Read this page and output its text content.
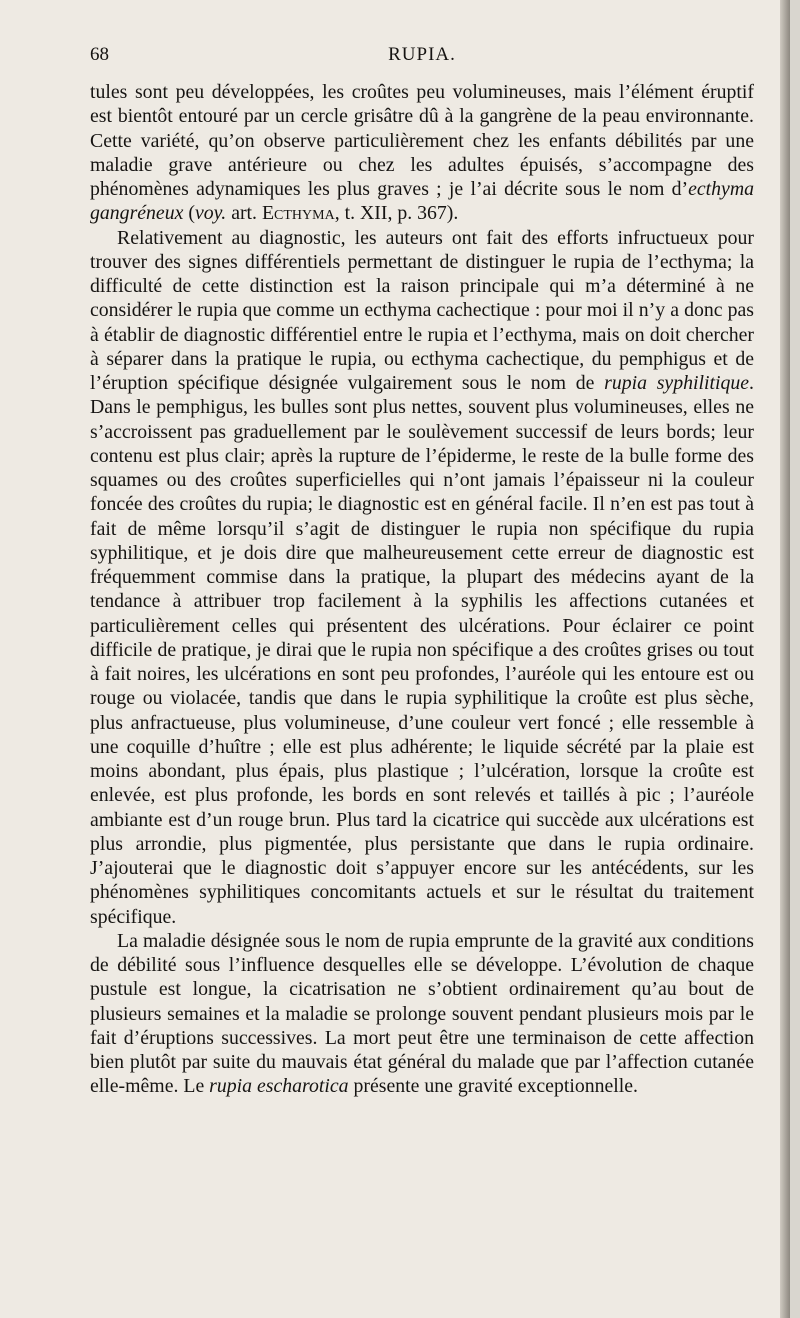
68	RUPIA.

tules sont peu développées, les croûtes peu volumineuses, mais l’élément éruptif est bientôt entouré par un cercle grisâtre dû à la gangrène de la peau environnante. Cette variété, qu’on observe particulièrement chez les enfants débilités par une maladie grave antérieure ou chez les adultes épuisés, s’accompagne des phénomènes adynamiques les plus graves ; je l’ai décrite sous le nom d’ecthyma gangréneux (voy. art. Ecthyma, t. XII, p. 367).

Relativement au diagnostic, les auteurs ont fait des efforts infructueux pour trouver des signes différentiels permettant de distinguer le rupia de l’ecthyma; la difficulté de cette distinction est la raison principale qui m’a déterminé à ne considérer le rupia que comme un ecthyma cachectique : pour moi il n’y a donc pas à établir de diagnostic différentiel entre le rupia et l’ecthyma, mais on doit chercher à séparer dans la pratique le rupia, ou ecthyma cachectique, du pemphigus et de l’éruption spécifique désignée vulgairement sous le nom de rupia syphilitique. Dans le pemphigus, les bulles sont plus nettes, souvent plus volumineuses, elles ne s’accroissent pas graduellement par le soulèvement successif de leurs bords; leur contenu est plus clair; après la rupture de l’épiderme, le reste de la bulle forme des squames ou des croûtes superficielles qui n’ont jamais l’épaisseur ni la couleur foncée des croûtes du rupia; le diagnostic est en général facile. Il n’en est pas tout à fait de même lorsqu’il s’agit de distinguer le rupia non spécifique du rupia syphilitique, et je dois dire que malheureusement cette erreur de diagnostic est fréquemment commise dans la pratique, la plupart des médecins ayant de la tendance à attribuer trop facilement à la syphilis les affections cutanées et particulièrement celles qui présentent des ulcérations. Pour éclairer ce point difficile de pratique, je dirai que le rupia non spécifique a des croûtes grises ou tout à fait noires, les ulcérations en sont peu profondes, l’auréole qui les entoure est ou rouge ou violacée, tandis que dans le rupia syphilitique la croûte est plus sèche, plus anfractueuse, plus volumineuse, d’une couleur vert foncé ; elle ressemble à une coquille d’huître ; elle est plus adhérente; le liquide sécrété par la plaie est moins abondant, plus épais, plus plastique ; l’ulcération, lorsque la croûte est enlevée, est plus profonde, les bords en sont relevés et taillés à pic ; l’auréole ambiante est d’un rouge brun. Plus tard la cicatrice qui succède aux ulcérations est plus arrondie, plus pigmentée, plus persistante que dans le rupia ordinaire. J’ajouterai que le diagnostic doit s’appuyer encore sur les antécédents, sur les phénomènes syphilitiques concomitants actuels et sur le résultat du traitement spécifique.

La maladie désignée sous le nom de rupia emprunte de la gravité aux conditions de débilité sous l’influence desquelles elle se développe. L’évolution de chaque pustule est longue, la cicatrisation ne s’obtient ordinairement qu’au bout de plusieurs semaines et la maladie se prolonge souvent pendant plusieurs mois par le fait d’éruptions successives. La mort peut être une terminaison de cette affection bien plutôt par suite du mauvais état général du malade que par l’affection cutanée elle-même. Le rupia escharotica présente une gravité exceptionnelle.
